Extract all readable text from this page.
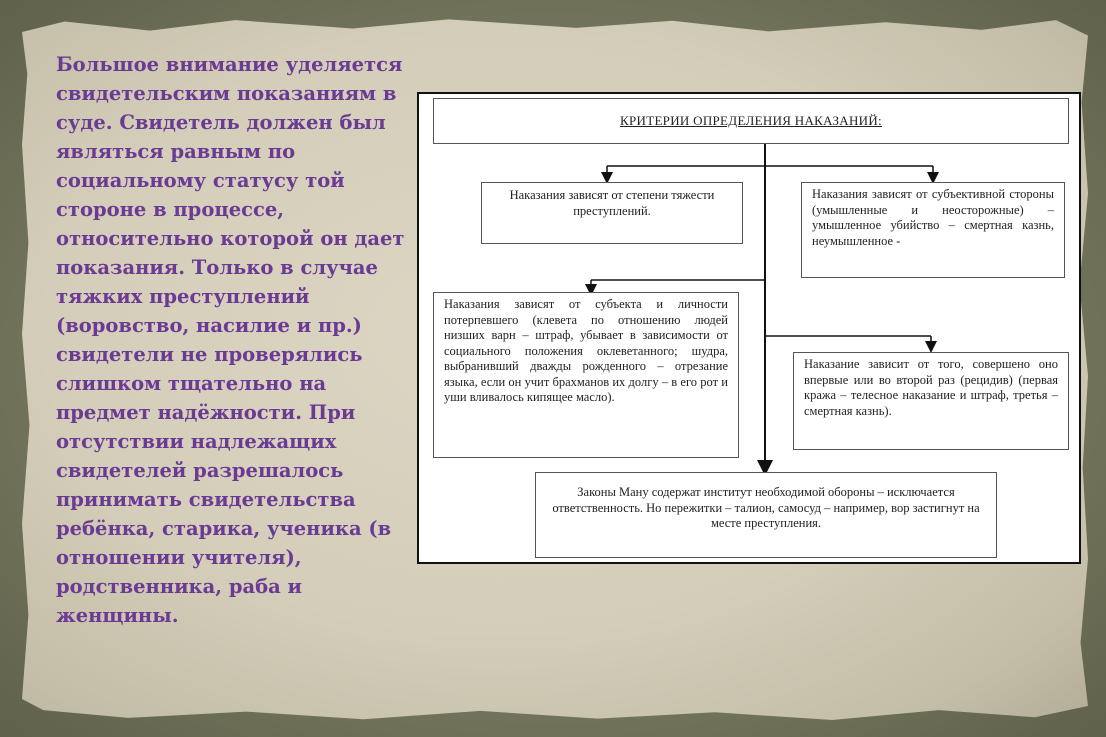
Большое внимание уделяется
свидетельским показаниям в
суде. Свидетель должен был
являться равным по
социальному статусу той
стороне в процессе,
относительно которой он дает
показания. Только в случае
тяжких преступлений
(воровство, насилие и пр.)
свидетели не проверялись
слишком тщательно на
предмет надёжности. При
отсутствии надлежащих
свидетелей разрешалось
принимать свидетельства
ребёнка, старика, ученика (в
отношении учителя),
родственника, раба и
женщины.
КРИТЕРИИ ОПРЕДЕЛЕНИЯ НАКАЗАНИЙ:
Наказания зависят от степени тяжести преступлений.
Наказания зависят от субъективной стороны (умышленные и неосторожные) – умышленное убийство – смертная казнь, неумышленное -
Наказания зависят от субъекта и личности потерпевшего (клевета по отношению людей низших варн – штраф, убывает в зависимости от социального положения оклеветанного; шудра, выбранивший дважды рожденного – отрезание языка, если он учит брахманов их долгу – в его рот и уши вливалось кипящее масло).
Наказание зависит от того, совершено оно впервые или во второй раз (рецидив) (первая кража – телесное наказание и штраф, третья – смертная казнь).
Законы Ману содержат институт необходимой обороны – исключается ответственность. Но пережитки – талион, самосуд – например, вор застигнут на месте преступления.
